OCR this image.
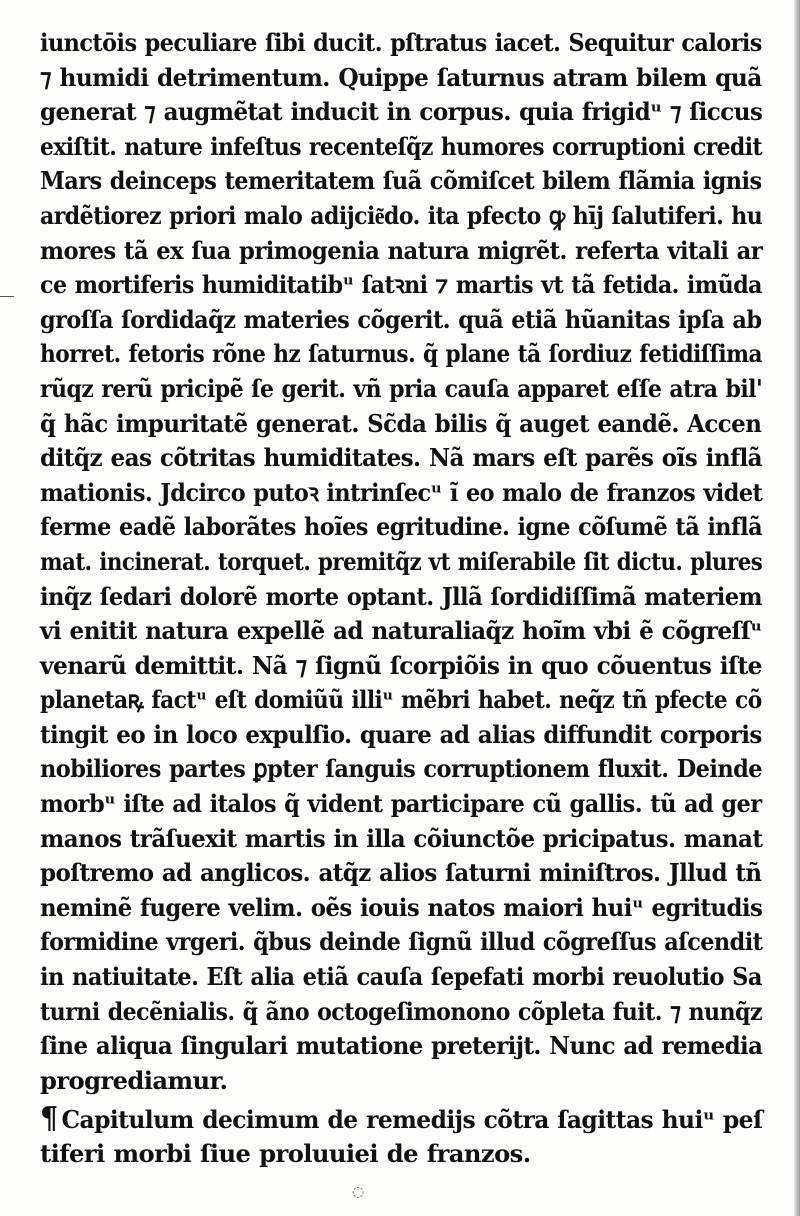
iunctōis peculiare ſibi ducit. pſtratus iacet. Sequitur caloris
⁊ humidi detrimentum. Quippe ſaturnus atram bilem quã
generat ⁊ augmẽtat inducit in corpus. quia frigidᵘ ⁊ ſiccus
exiſtit. nature infeſtus recenteſq̃z humores corruptioni credit
Mars deinceps temeritatem ſuã cõmiſcet bilem flãmia ignis
ardẽtiorez priori malo adijcie͂do. ita pfecto ꝙ hīj ſalutiferi. hu
mores tã ex ſua primogenia natura migrẽt. referta vitali ar
ce mortiferis humiditatibᵘ ſatꝛni ⁊ martis vt tã fetida. imũda
groſſa ſordidaq̃z materies cõgerit. quã etiã hũanitas ipſa ab
horret. fetoris rõne hz ſaturnus. q̃ plane tã ſordiuz fetidiſſima
rũqz rerũ pricipẽ ſe gerit. vñ pria cauſa apparet eſſe atra bil'
q̃ hãc impuritatẽ generat. Sc̃da bilis q̃ auget eandẽ. Accen
ditq̃z eas cõtritas humiditates. Nã mars eſt parẽs oĩs inflã
mationis. Jdcirco putoꝛ intrinſecᵘ ĩ eo malo de franzos videt
ferme eadẽ laborãtes hoĩes egritudine. igne cõſumẽ tã inflã
mat. incinerat. torquet. premitq̃z vt miſerabile ſit dictu. plures
inq̃z ſedari dolorẽ morte optant. Jllã ſordidiſſimã materiem
vi enitit natura expellẽ ad naturaliaq̃z hoĩm vbi ẽ cõgreſſᵘ
venarũ demittit. Nã ⁊ ſignũ ſcorpiõis in quo cõuentus iſte
planetaꝶ factᵘ eſt domiũũ illiᵘ mẽbri habet. neq̃z tñ pfecte cõ
tingit eo in loco expulſio. quare ad alias diffundit corporis
nobiliores partes ꝑpter ſanguis corruptionem fluxit. Deinde
morbᵘ iſte ad italos q̃ vident participare cũ gallis. tũ ad ger
manos trãſuexit martis in illa cõiunctõe pricipatus. manat
poſtremo ad anglicos. atq̃z alios ſaturni miniſtros. Jllud tñ
neminẽ fugere velim. oẽs iouis natos maiori huiᵘ egritudis
formidine vrgeri. q̃bus deinde ſignũ illud cõgreſſus aſcendit
in natiuitate. Eſt alia etiã cauſa ſepefati morbi reuolutio Sa
turni decẽnialis. q̃ ãno octogeſimonono cõpleta fuit. ⁊ nunq̃z
ſine aliqua ſingulari mutatione preterijt. Nunc ad remedia
progrediamur.
¶ Capitulum decimum de remedijs cõtra ſagittas huiᵘ peſ
tiferi morbi ſiue proluuiei de franzos.
◌
